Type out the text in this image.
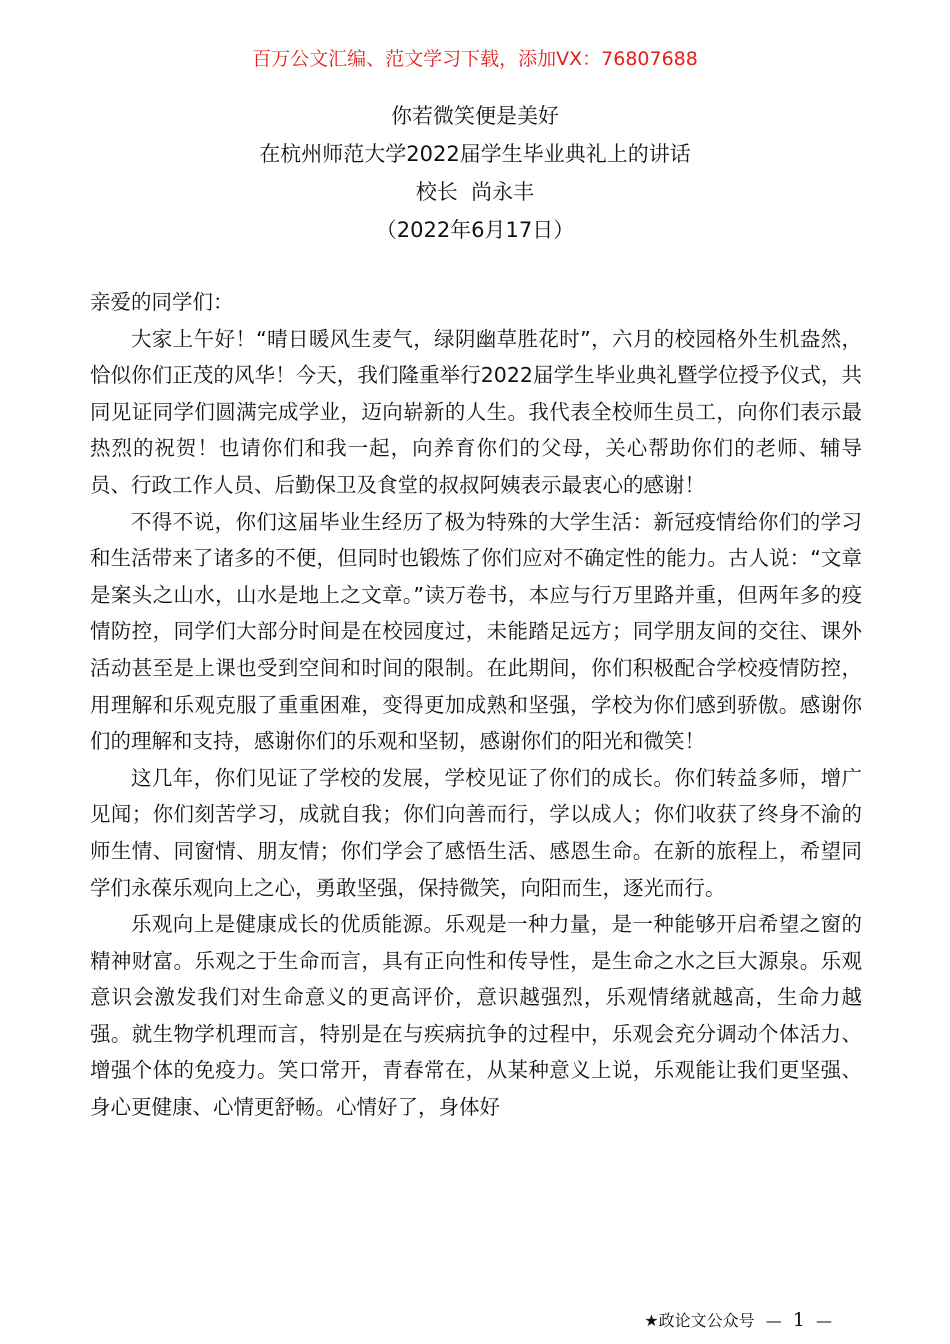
百万公文汇编、范文学习下载，添加VX：76807688
你若微笑便是美好
在杭州师范大学2022届学生毕业典礼上的讲话
校长  尚永丰
（2022年6月17日）

亲爱的同学们：

大家上午好！“晴日暖风生麦气，绿阴幽草胜花时”，六月的校园格外生机盎然，恰似你们正茂的风华！今天，我们隆重举行2022届学生毕业典礼暨学位授予仪式，共同见证同学们圆满完成学业，迈向崭新的人生。我代表全校师生员工，向你们表示最热烈的祝贺！也请你们和我一起，向养育你们的父母，关心帮助你们的老师、辅导员、行政工作人员、后勤保卫及食堂的叔叔阿姨表示最衷心的感谢！

不得不说，你们这届毕业生经历了极为特殊的大学生活：新冠疫情给你们的学习和生活带来了诸多的不便，但同时也锻炼了你们应对不确定性的能力。古人说：“文章是案头之山水，山水是地上之文章。”读万卷书，本应与行万里路并重，但两年多的疫情防控，同学们大部分时间是在校园度过，未能踏足远方；同学朋友间的交往、课外活动甚至是上课也受到空间和时间的限制。在此期间，你们积极配合学校疫情防控，用理解和乐观克服了重重困难，变得更加成熟和坚强，学校为你们感到骄傲。感谢你们的理解和支持，感谢你们的乐观和坚韧，感谢你们的阳光和微笑！

这几年，你们见证了学校的发展，学校见证了你们的成长。你们转益多师，增广见闻；你们刻苦学习，成就自我；你们向善而行，学以成人；你们收获了终身不渝的师生情、同窗情、朋友情；你们学会了感悟生活、感恩生命。在新的旅程上，希望同学们永葆乐观向上之心，勇敢坚强，保持微笑，向阳而生，逐光而行。

乐观向上是健康成长的优质能源。乐观是一种力量，是一种能够开启希望之窗的精神财富。乐观之于生命而言，具有正向性和传导性，是生命之水之巨大源泉。乐观意识会激发我们对生命意义的更高评价，意识越强烈，乐观情绪就越高，生命力越强。就生物学机理而言，特别是在与疾病抗争的过程中，乐观会充分调动个体活力、增强个体的免疫力。笑口常开，青春常在，从某种意义上说，乐观能让我们更坚强、身心更健康、心情更舒畅。心情好了，身体好

★政论文公众号 — 1 —
